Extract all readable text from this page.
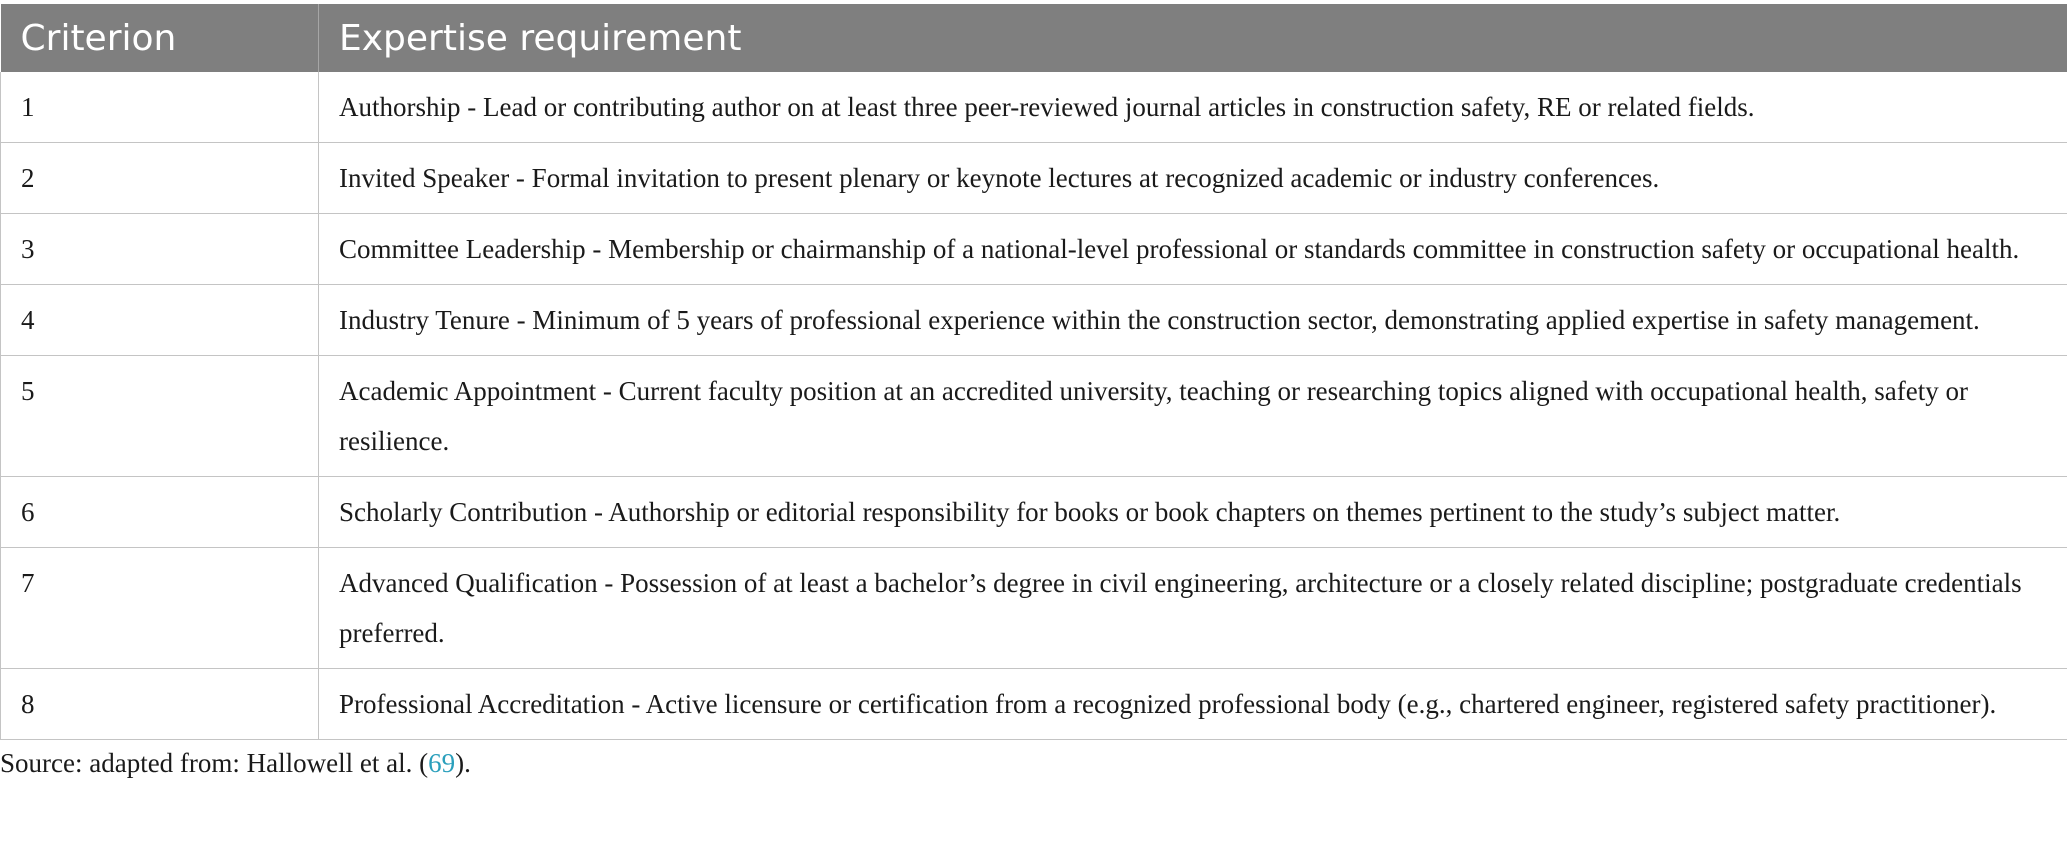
Criterion	Expertise requirement
1	Authorship - Lead or contributing author on at least three peer-reviewed journal articles in construction safety, RE or related fields.
2	Invited Speaker - Formal invitation to present plenary or keynote lectures at recognized academic or industry conferences.
3	Committee Leadership - Membership or chairmanship of a national-level professional or standards committee in construction safety or occupational health.
4	Industry Tenure - Minimum of 5 years of professional experience within the construction sector, demonstrating applied expertise in safety management.
5	Academic Appointment - Current faculty position at an accredited university, teaching or researching topics aligned with occupational health, safety or resilience.
6	Scholarly Contribution - Authorship or editorial responsibility for books or book chapters on themes pertinent to the study’s subject matter.
7	Advanced Qualification - Possession of at least a bachelor’s degree in civil engineering, architecture or a closely related discipline; postgraduate credentials preferred.
8	Professional Accreditation - Active licensure or certification from a recognized professional body (e.g., chartered engineer, registered safety practitioner).
Source: adapted from: Hallowell et al. (69).
